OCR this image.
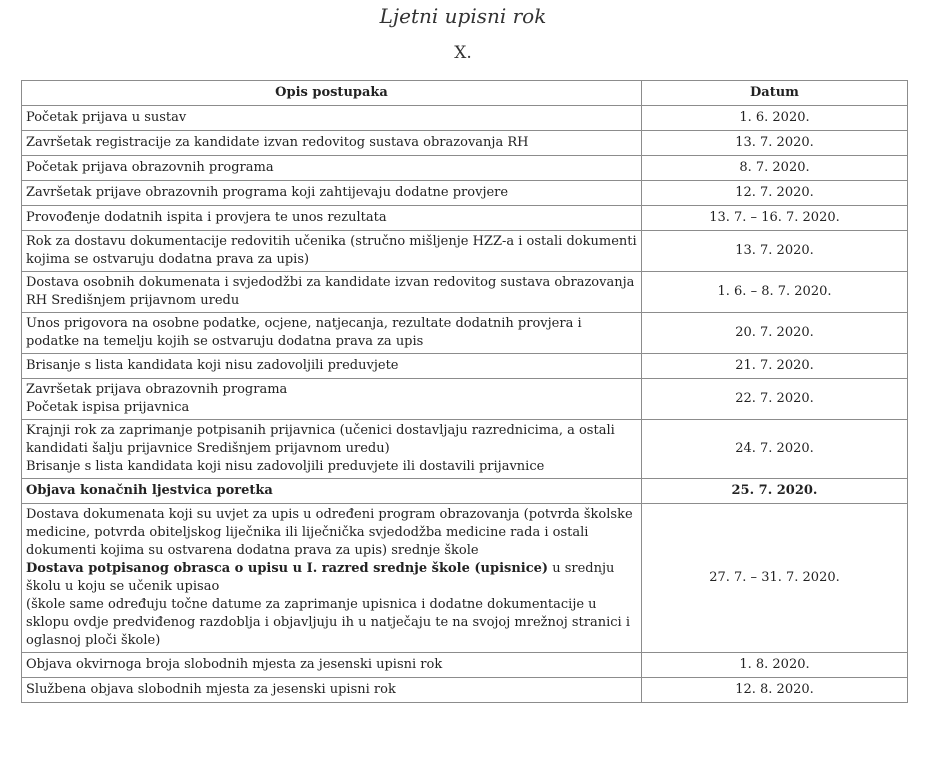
Ljetni upisni rok
X.
Opis postupaka	Datum
Početak prijava u sustav	1. 6. 2020.
Završetak registracije za kandidate izvan redovitog sustava obrazovanja RH	13. 7. 2020.
Početak prijava obrazovnih programa	8. 7. 2020.
Završetak prijave obrazovnih programa koji zahtijevaju dodatne provjere	12. 7. 2020.
Provođenje dodatnih ispita i provjera te unos rezultata	13. 7. – 16. 7. 2020.
Rok za dostavu dokumentacije redovitih učenika (stručno mišljenje HZZ-a i ostali dokumenti kojima se ostvaruju dodatna prava za upis)	13. 7. 2020.
Dostava osobnih dokumenata i svjedodžbi za kandidate izvan redovitog sustava obrazovanja RH Središnjem prijavnom uredu	1. 6. – 8. 7. 2020.
Unos prigovora na osobne podatke, ocjene, natjecanja, rezultate dodatnih provjera i podatke na temelju kojih se ostvaruju dodatna prava za upis	20. 7. 2020.
Brisanje s lista kandidata koji nisu zadovoljili preduvjete	21. 7. 2020.

Završetak prijava obrazovnih programa
Početak ispisa prijavnica	22. 7. 2020.

Krajnji rok za zaprimanje potpisanih prijavnica (učenici dostavljaju razrednicima, a ostali kandidati šalju prijavnice Središnjem prijavnom uredu)
Brisanje s lista kandidata koji nisu zadovoljili preduvjete ili dostavili prijavnice	24. 7. 2020.
Objava konačnih ljestvica poretka	25. 7. 2020.

Dostava dokumenata koji su uvjet za upis u određeni program obrazovanja (potvrda školske medicine, potvrda obiteljskog liječnika ili liječnička svjedodžba medicine rada i ostali dokumenti kojima su ostvarena dodatna prava za upis) srednje škole
Dostava potpisanog obrasca o upisu u I. razred srednje škole (upisnice) u srednju školu u koju se učenik upisao
(škole same određuju točne datume za zaprimanje upisnica i dodatne dokumentacije u sklopu ovdje predviđenog razdoblja i objavljuju ih u natječaju te na svojoj mrežnoj stranici i oglasnoj ploči škole)	27. 7. – 31. 7. 2020.
Objava okvirnoga broja slobodnih mjesta za jesenski upisni rok	1. 8. 2020.
Službena objava slobodnih mjesta za jesenski upisni rok	12. 8. 2020.
